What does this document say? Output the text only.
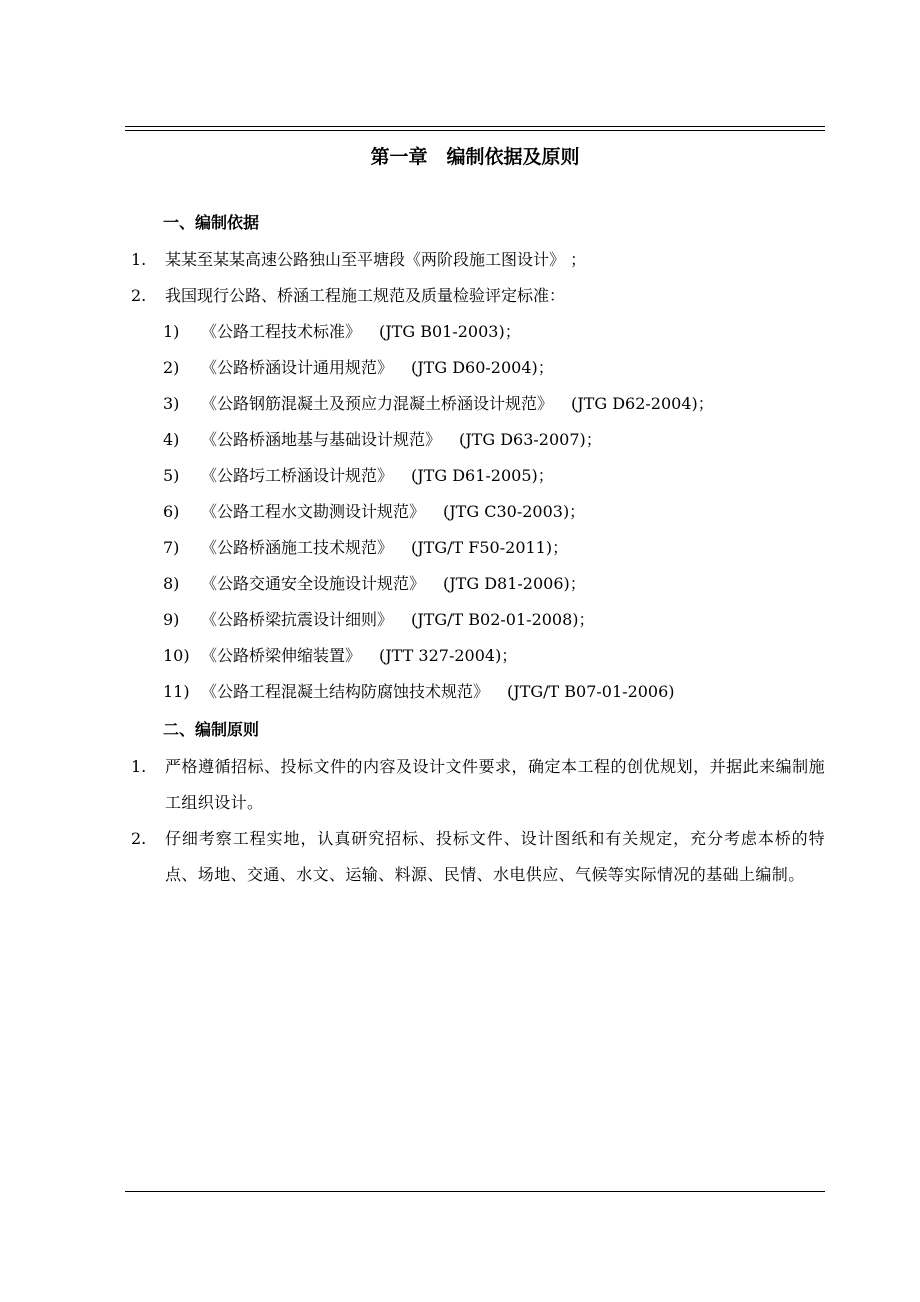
第一章　编制依据及原则
一、编制依据
1. 某某至某某高速公路独山至平塘段《两阶段施工图设计》 ；
2. 我国现行公路、桥涵工程施工规范及质量检验评定标准：
1) 《公路工程技术标准》 (JTG B01-2003)；
2) 《公路桥涵设计通用规范》 (JTG D60-2004)；
3) 《公路钢筋混凝土及预应力混凝土桥涵设计规范》 (JTG D62-2004)；
4) 《公路桥涵地基与基础设计规范》 (JTG D63-2007)；
5) 《公路圬工桥涵设计规范》 (JTG D61-2005)；
6) 《公路工程水文勘测设计规范》 (JTG C30-2003)；
7) 《公路桥涵施工技术规范》 (JTG/T F50-2011)；
8) 《公路交通安全设施设计规范》 (JTG D81-2006)；
9) 《公路桥梁抗震设计细则》 (JTG/T B02-01-2008)；
10) 《公路桥梁伸缩装置》 (JTT 327-2004)；
11) 《公路工程混凝土结构防腐蚀技术规范》 (JTG/T B07-01-2006)
二、编制原则
1. 严格遵循招标、投标文件的内容及设计文件要求，确定本工程的创优规划，并据此来编制施工组织设计。
2. 仔细考察工程实地，认真研究招标、投标文件、设计图纸和有关规定，充分考虑本桥的特点、场地、交通、水文、运输、料源、民情、水电供应、气候等实际情况的基础上编制。
